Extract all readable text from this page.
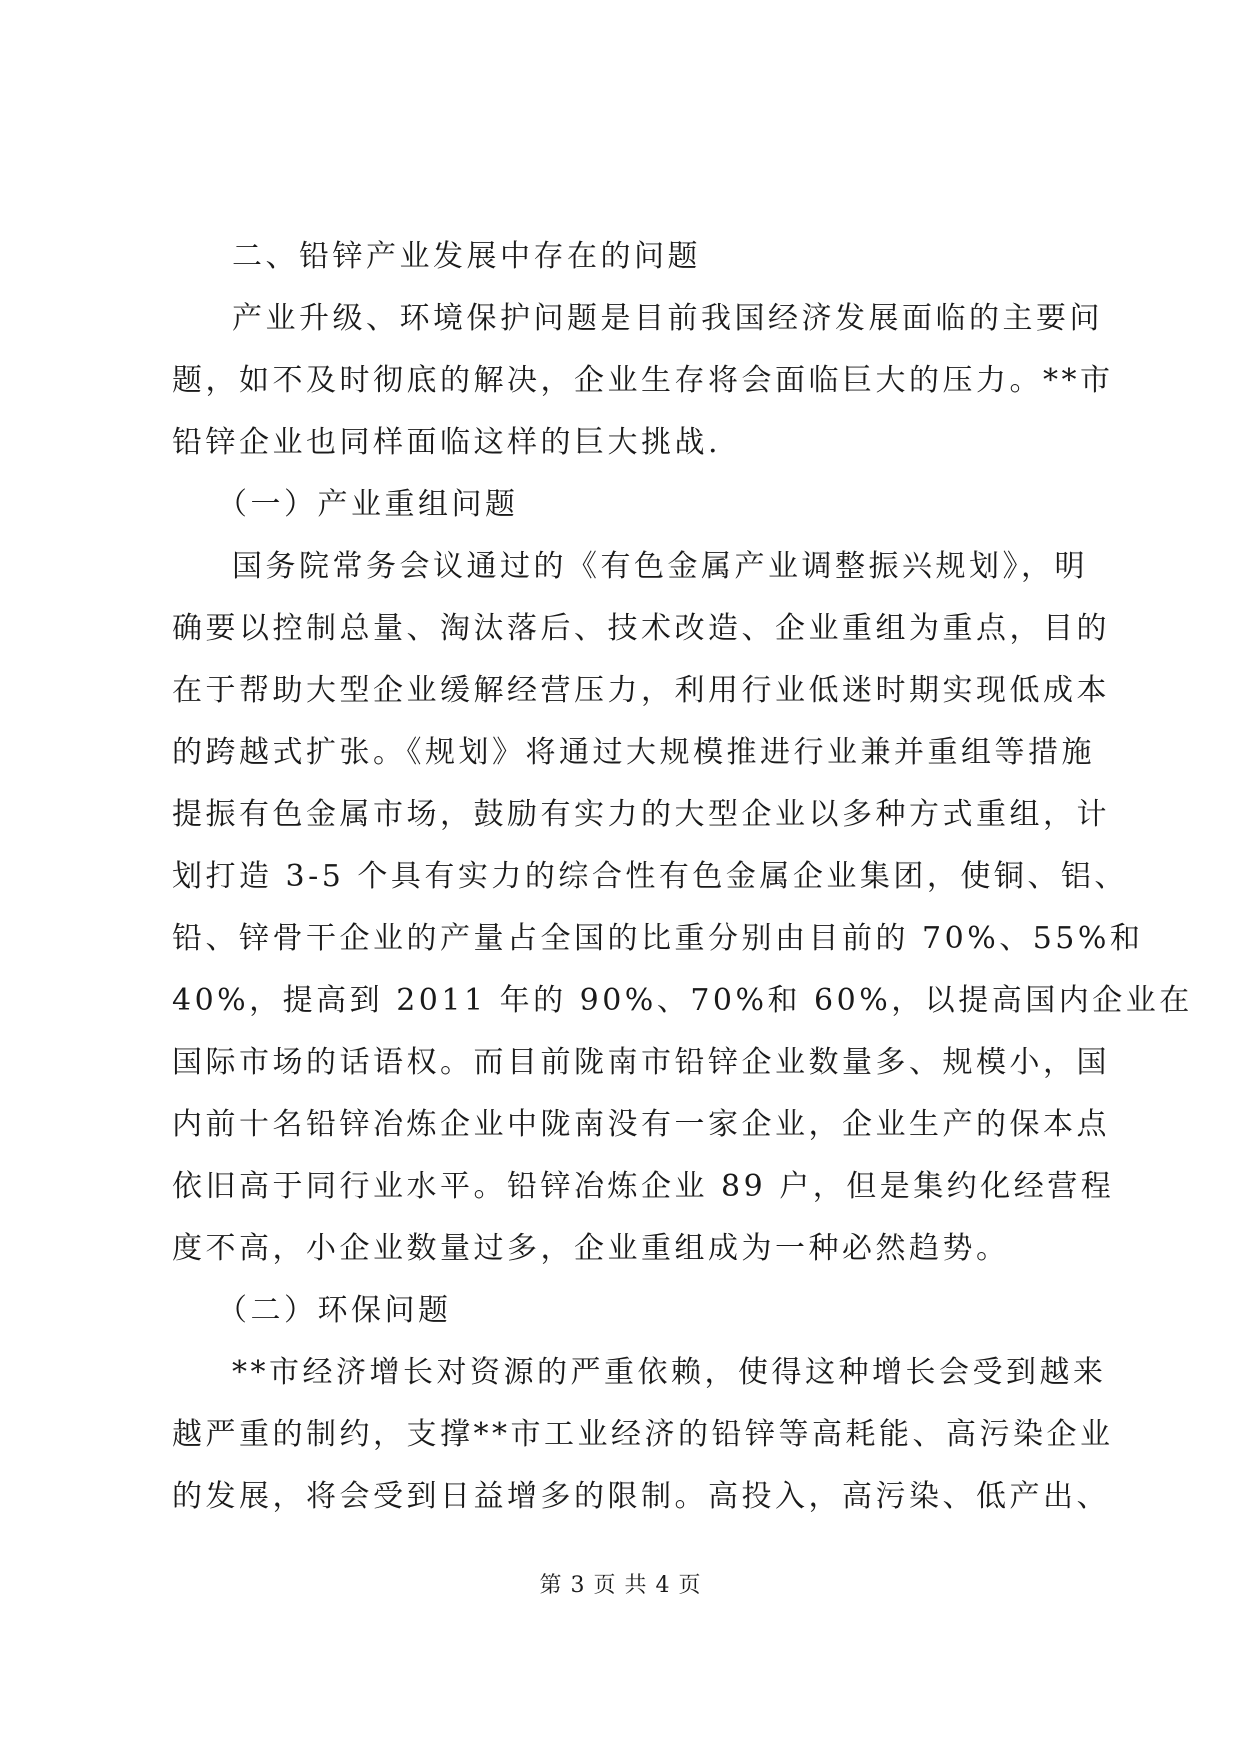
二、铅锌产业发展中存在的问题
产业升级、环境保护问题是目前我国经济发展面临的主要问
题，如不及时彻底的解决，企业生存将会面临巨大的压力。**市
铅锌企业也同样面临这样的巨大挑战.
（一）产业重组问题
国务院常务会议通过的《有色金属产业调整振兴规划》，明
确要以控制总量、淘汰落后、技术改造、企业重组为重点，目的
在于帮助大型企业缓解经营压力，利用行业低迷时期实现低成本
的跨越式扩张。《规划》将通过大规模推进行业兼并重组等措施
提振有色金属市场，鼓励有实力的大型企业以多种方式重组，计
划打造 3-5 个具有实力的综合性有色金属企业集团，使铜、铝、
铅、锌骨干企业的产量占全国的比重分别由目前的 70%、55%和
40%，提高到 2011 年的 90%、70%和 60%，以提高国内企业在
国际市场的话语权。而目前陇南市铅锌企业数量多、规模小，国
内前十名铅锌冶炼企业中陇南没有一家企业，企业生产的保本点
依旧高于同行业水平。铅锌冶炼企业 89 户，但是集约化经营程
度不高，小企业数量过多，企业重组成为一种必然趋势。
（二）环保问题
**市经济增长对资源的严重依赖，使得这种增长会受到越来
越严重的制约，支撑**市工业经济的铅锌等高耗能、高污染企业
的发展，将会受到日益增多的限制。高投入，高污染、低产出、
第 3 页 共 4 页
